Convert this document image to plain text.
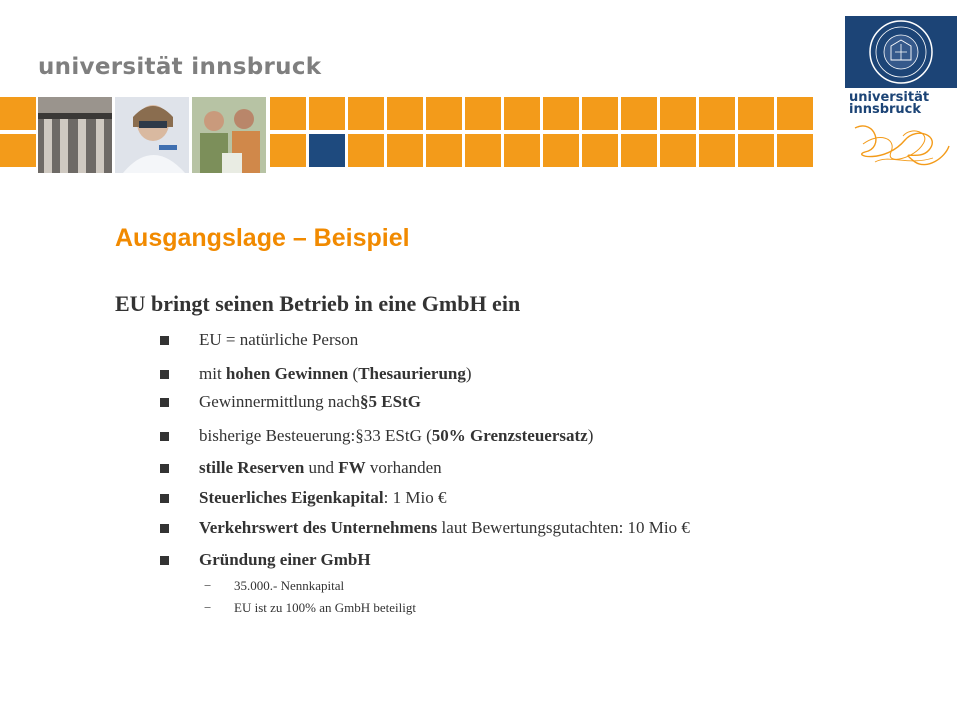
universität innsbruck
universität
innsbruck
Ausgangslage – Beispiel
EU bringt seinen Betrieb in eine GmbH ein
EU = natürliche Person
mit hohen Gewinnen (Thesaurierung)
Gewinnermittlung nach§5 EStG
bisherige Besteuerung:§33 EStG (50% Grenzsteuersatz)
stille Reserven und FW vorhanden
Steuerliches Eigenkapital: 1 Mio €
Verkehrswert des Unternehmens laut Bewertungsgutachten: 10 Mio €
Gründung einer GmbH
−	35.000.- Nennkapital
−	EU ist zu 100% an GmbH beteiligt
